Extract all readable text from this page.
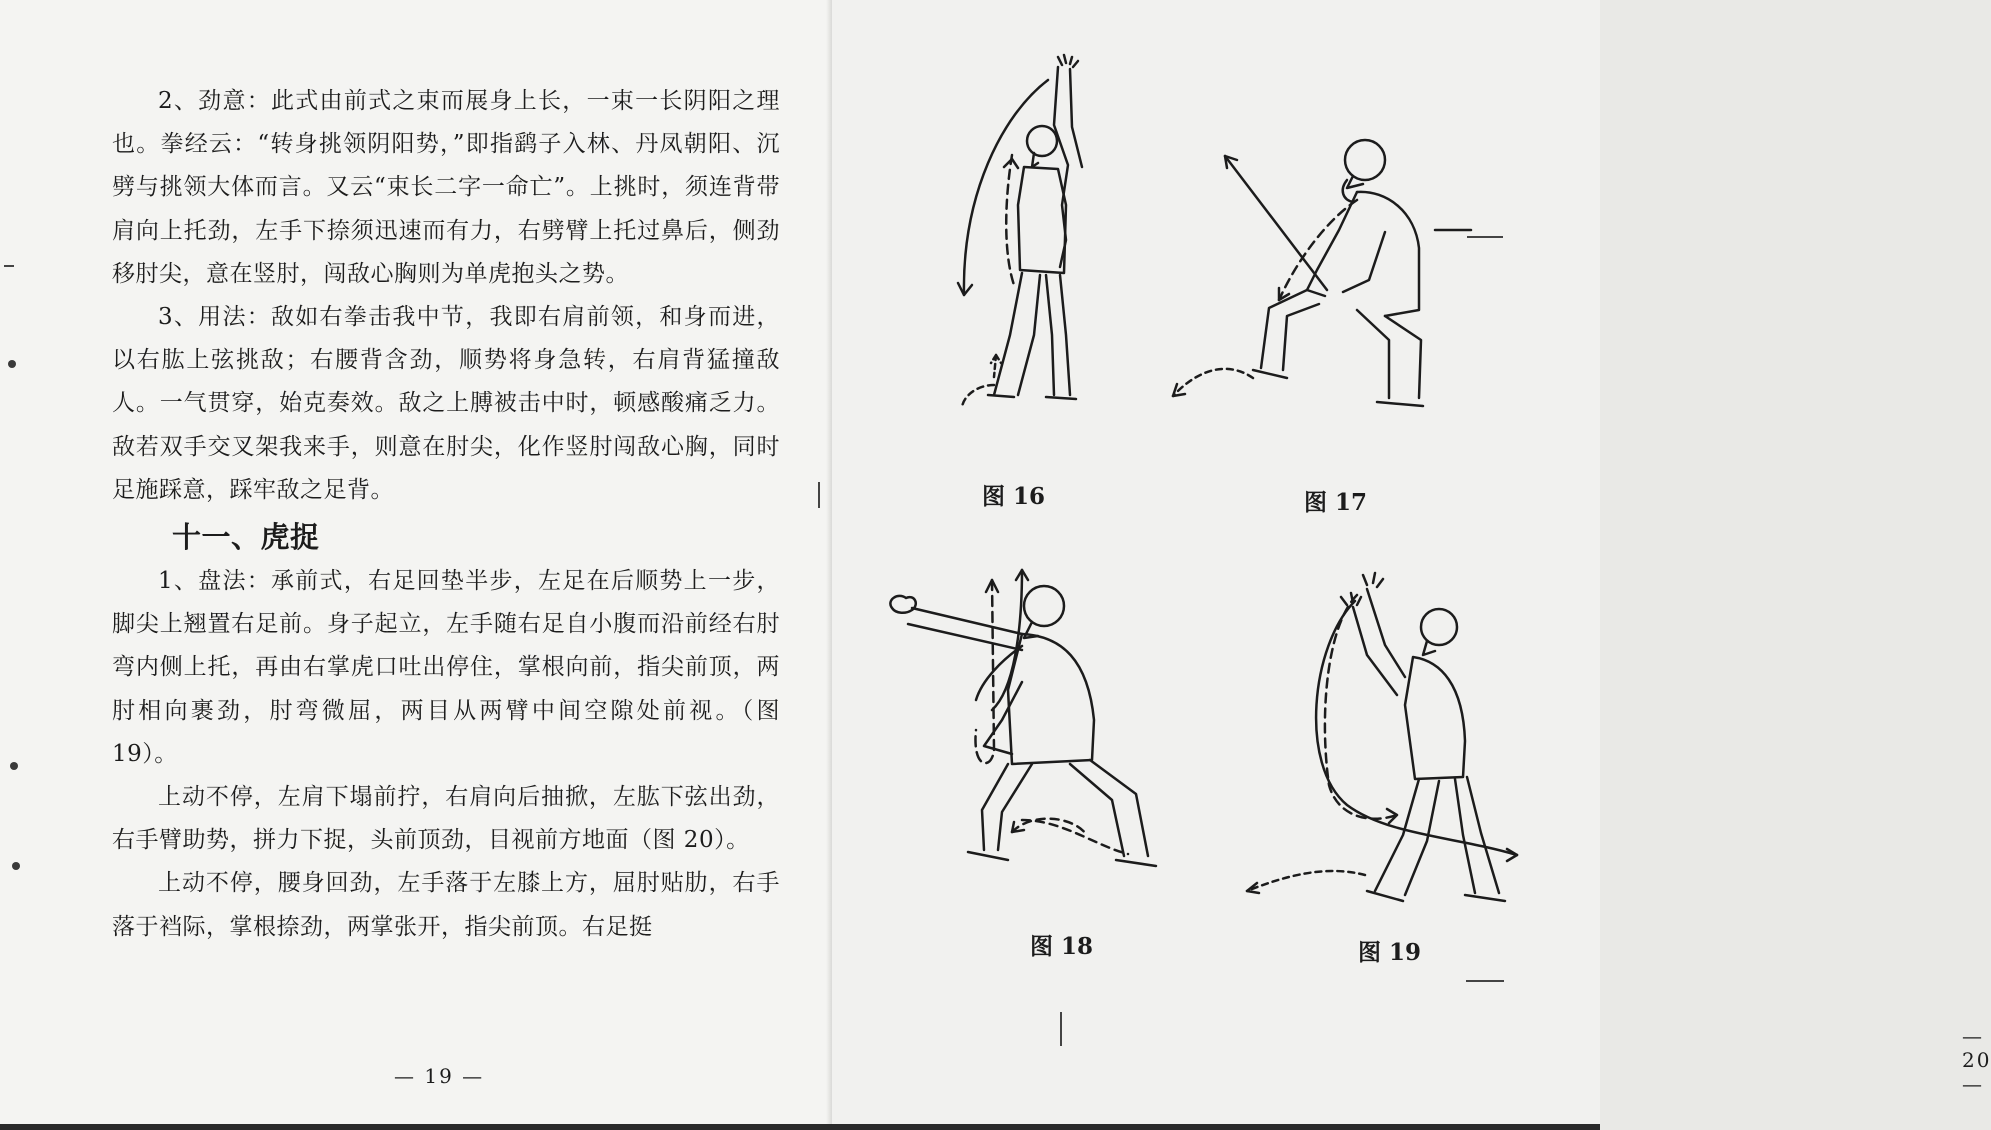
2、劲意：此式由前式之束而展身上长，一束一长阴阳之理也。拳经云：“转身挑领阴阳势，”即指鹞子入林、丹凤朝阳、沉劈与挑领大体而言。又云“束长二字一命亡”。上挑时，须连背带肩向上托劲，左手下捺须迅速而有力，右劈臂上托过鼻后，侧劲移肘尖，意在竖肘，闯敌心胸则为单虎抱头之势。

3、用法：敌如右拳击我中节，我即右肩前领，和身而进，以右肱上弦挑敌；右腰背含劲，顺势将身急转，右肩背猛撞敌人。一气贯穿，始克奏效。敌之上膊被击中时，顿感酸痛乏力。敌若双手交叉架我来手，则意在肘尖，化作竖肘闯敌心胸，同时足施踩意，踩牢敌之足背。

十一、虎捉

1、盘法：承前式，右足回垫半步，左足在后顺势上一步，脚尖上翘置右足前。身子起立，左手随右足自小腹而沿前经右肘弯内侧上托，再由右掌虎口吐出停住，掌根向前，指尖前顶，两肘相向裹劲，肘弯微屈，两目从两臂中间空隙处前视。（图 19）。

上动不停，左肩下塌前拧，右肩向后抽掀，左肱下弦出劲，右手臂助势，拼力下捉，头前顶劲，目视前方地面（图 20）。

上动不停，腰身回劲，左手落于左膝上方，屈肘贴肋，右手落于裆际，掌根捺劲，两掌张开，指尖前顶。右足挺

— 19 —
图 16	图 17
图 18	图 19
— 20 —
